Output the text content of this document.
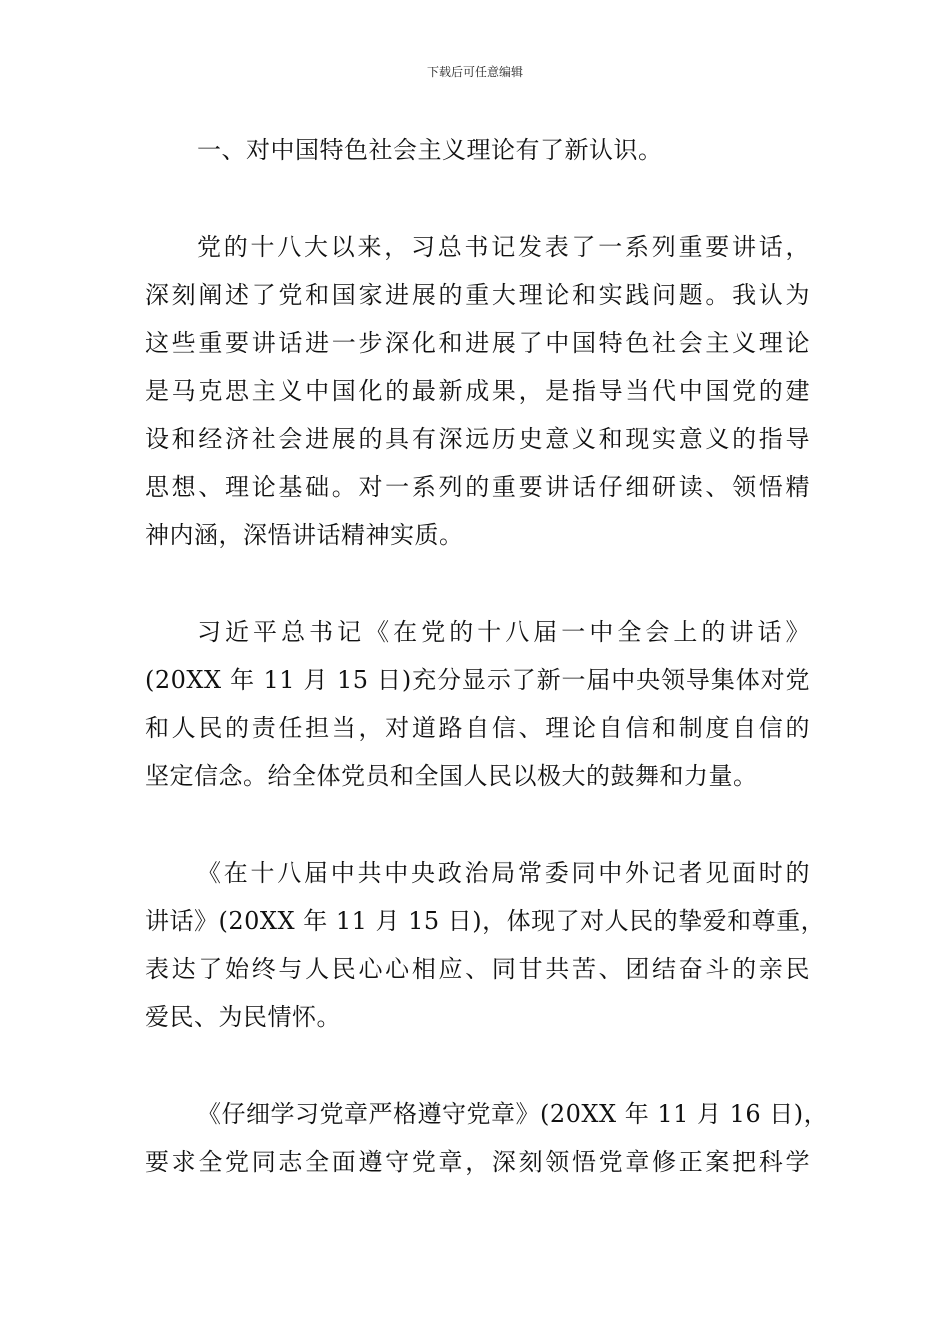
下载后可任意编辑
一、对中国特色社会主义理论有了新认识。
党的十八大以来，习总书记发表了一系列重要讲话，
深刻阐述了党和国家进展的重大理论和实践问题。我认为
这些重要讲话进一步深化和进展了中国特色社会主义理论
是马克思主义中国化的最新成果，是指导当代中国党的建
设和经济社会进展的具有深远历史意义和现实意义的指导
思想、理论基础。对一系列的重要讲话仔细研读、领悟精
神内涵，深悟讲话精神实质。
习近平总书记《在党的十八届一中全会上的讲话》
(20XX 年 11 月 15 日)充分显示了新一届中央领导集体对党
和人民的责任担当，对道路自信、理论自信和制度自信的
坚定信念。给全体党员和全国人民以极大的鼓舞和力量。
《在十八届中共中央政治局常委同中外记者见面时的
讲话》(20XX 年 11 月 15 日)，体现了对人民的挚爱和尊重，
表达了始终与人民心心相应、同甘共苦、团结奋斗的亲民
爱民、为民情怀。
《仔细学习党章严格遵守党章》(20XX 年 11 月 16 日)，
要求全党同志全面遵守党章，深刻领悟党章修正案把科学
